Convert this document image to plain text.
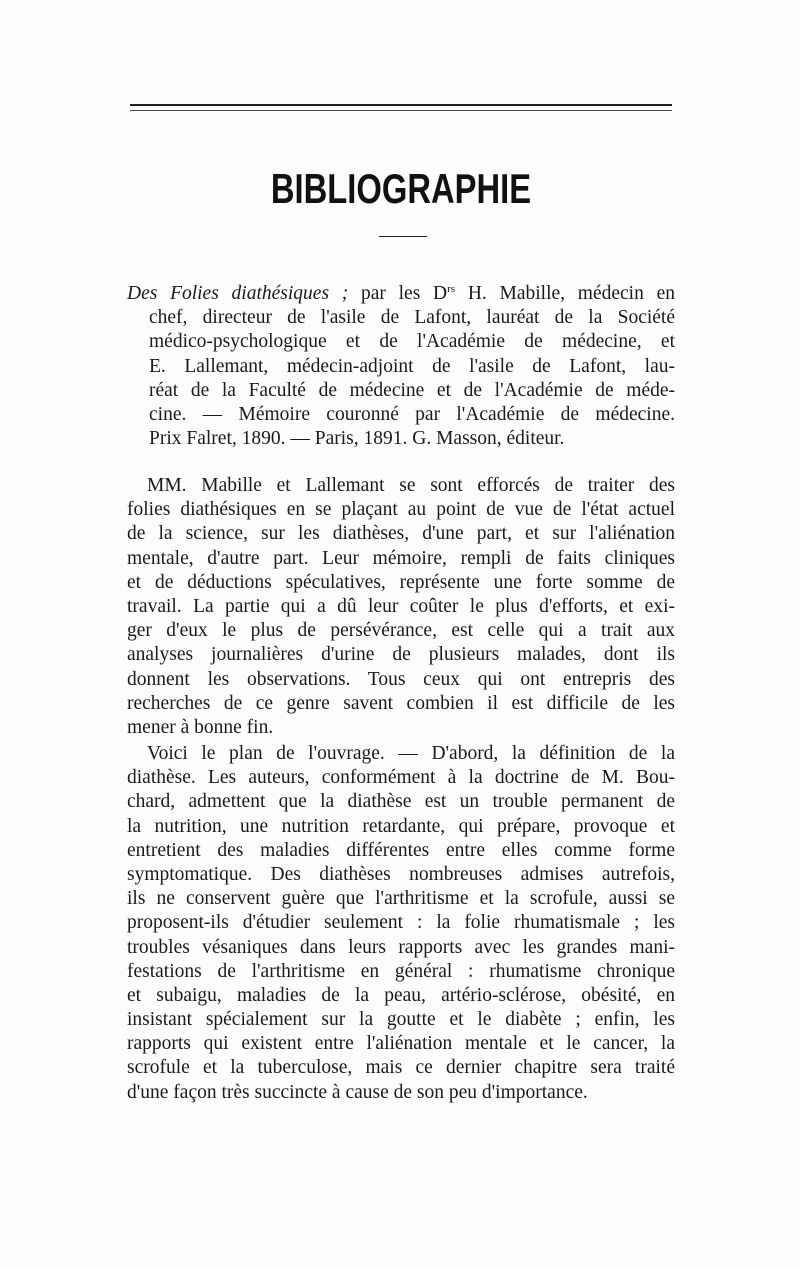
BIBLIOGRAPHIE
Des Folies diathésiques ; par les $D^{rs}$ H. Mabille, médecin en
chef, directeur de l'asile de Lafont, lauréat de la Société
médico-psychologique et de l'Académie de médecine, et
E. Lallemant, médecin-adjoint de l'asile de Lafont, lau-
réat de la Faculté de médecine et de l'Académie de méde-
cine. — Mémoire couronné par l'Académie de médecine.
Prix Falret, 1890. — Paris, 1891. G. Masson, éditeur.
MM. Mabille et Lallemant se sont efforcés de traiter des
folies diathésiques en se plaçant au point de vue de l'état actuel
de la science, sur les diathèses, d'une part, et sur l'aliénation
mentale, d'autre part. Leur mémoire, rempli de faits cliniques
et de déductions spéculatives, représente une forte somme de
travail. La partie qui a dû leur coûter le plus d'efforts, et exi-
ger d'eux le plus de persévérance, est celle qui a trait aux
analyses journalières d'urine de plusieurs malades, dont ils
donnent les observations. Tous ceux qui ont entrepris des
recherches de ce genre savent combien il est difficile de les
mener à bonne fin.
Voici le plan de l'ouvrage. — D'abord, la définition de la
diathèse. Les auteurs, conformément à la doctrine de M. Bou-
chard, admettent que la diathèse est un trouble permanent de
la nutrition, une nutrition retardante, qui prépare, provoque et
entretient des maladies différentes entre elles comme forme
symptomatique. Des diathèses nombreuses admises autrefois,
ils ne conservent guère que l'arthritisme et la scrofule, aussi se
proposent-ils d'étudier seulement : la folie rhumatismale ; les
troubles vésaniques dans leurs rapports avec les grandes mani-
festations de l'arthritisme en général : rhumatisme chronique
et subaigu, maladies de la peau, artério-sclérose, obésité, en
insistant spécialement sur la goutte et le diabète ; enfin, les
rapports qui existent entre l'aliénation mentale et le cancer, la
scrofule et la tuberculose, mais ce dernier chapitre sera traité
d'une façon très succincte à cause de son peu d'importance.
